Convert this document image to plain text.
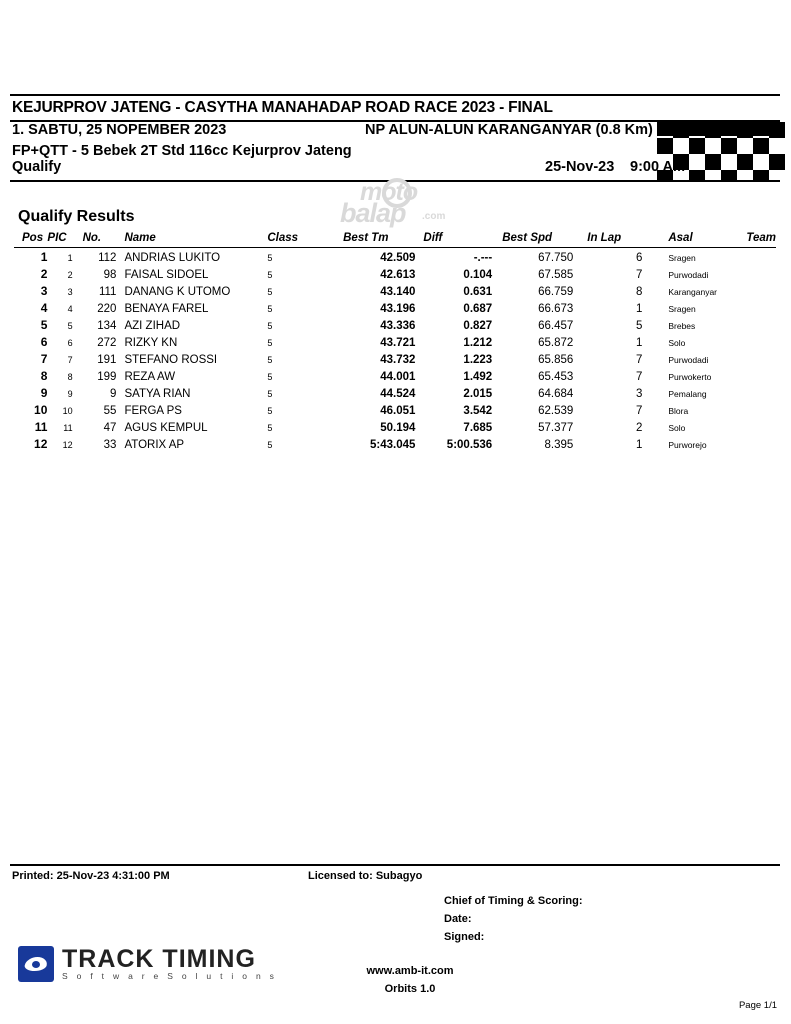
KEJURPROV JATENG - CASYTHA MANAHADAP ROAD RACE 2023 - FINAL
1. SABTU, 25 NOPEMBER 2023	NP ALUN-ALUN KARANGANYAR (0.8 Km)
FP+QTT - 5 Bebek 2T Std 116cc Kejurprov Jateng
Qualify	25-Nov-23 9:00 AM
moto
balap .com
Qualify Results
Pos	PIC	No.	Name	Class	Best Tm	Diff	Best Spd	In Lap	Asal	Team
1	1	112	ANDRIAS LUKITO	5	42.509	-.---	67.750	6	Sragen	
2	2	98	FAISAL SIDOEL	5	42.613	0.104	67.585	7	Purwodadi	
3	3	111	DANANG K UTOMO	5	43.140	0.631	66.759	8	Karanganyar	
4	4	220	BENAYA FAREL	5	43.196	0.687	66.673	1	Sragen	
5	5	134	AZI ZIHAD	5	43.336	0.827	66.457	5	Brebes	
6	6	272	RIZKY KN	5	43.721	1.212	65.872	1	Solo	
7	7	191	STEFANO ROSSI	5	43.732	1.223	65.856	7	Purwodadi	
8	8	199	REZA AW	5	44.001	1.492	65.453	7	Purwokerto	
9	9	9	SATYA RIAN	5	44.524	2.015	64.684	3	Pemalang	
10	10	55	FERGA PS	5	46.051	3.542	62.539	7	Blora	
11	11	47	AGUS KEMPUL	5	50.194	7.685	57.377	2	Solo	
12	12	33	ATORIX AP	5	5:43.045	5:00.536	8.395	1	Purworejo	
Printed: 25-Nov-23 4:31:00 PM	Licensed to: Subagyo
Chief of Timing & Scoring:
Date:
Signed:
TRACK TIMING
S o f t w a r e S o l u t i o n s	www.amb-it.com
Orbits 1.0
Page 1/1
